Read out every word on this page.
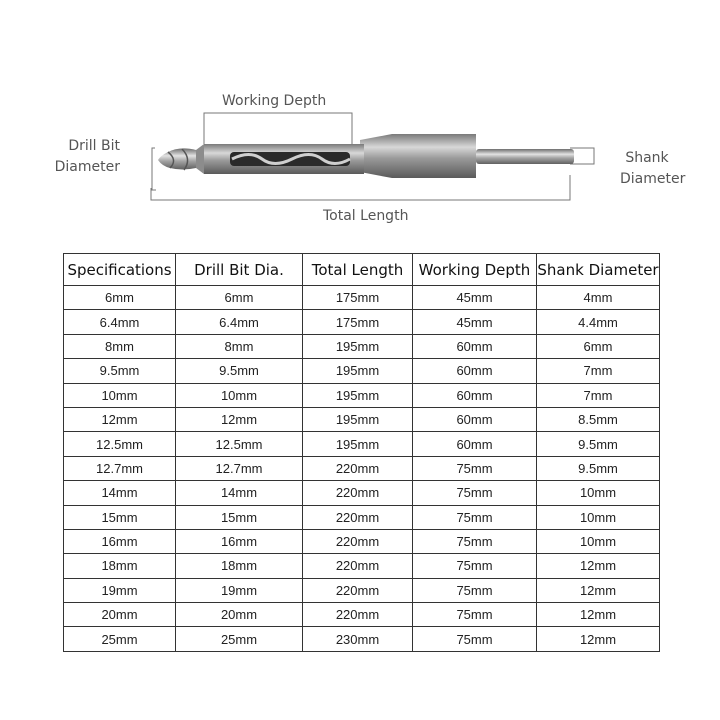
Working Depth
Drill Bit
Diameter
Shank
Diameter
Total Length
Specifications	Drill Bit Dia.	Total Length	Working Depth	Shank Diameter
6mm	6mm	175mm	45mm	4mm
6.4mm	6.4mm	175mm	45mm	4.4mm
8mm	8mm	195mm	60mm	6mm
9.5mm	9.5mm	195mm	60mm	7mm
10mm	10mm	195mm	60mm	7mm
12mm	12mm	195mm	60mm	8.5mm
12.5mm	12.5mm	195mm	60mm	9.5mm
12.7mm	12.7mm	220mm	75mm	9.5mm
14mm	14mm	220mm	75mm	10mm
15mm	15mm	220mm	75mm	10mm
16mm	16mm	220mm	75mm	10mm
18mm	18mm	220mm	75mm	12mm
19mm	19mm	220mm	75mm	12mm
20mm	20mm	220mm	75mm	12mm
25mm	25mm	230mm	75mm	12mm
